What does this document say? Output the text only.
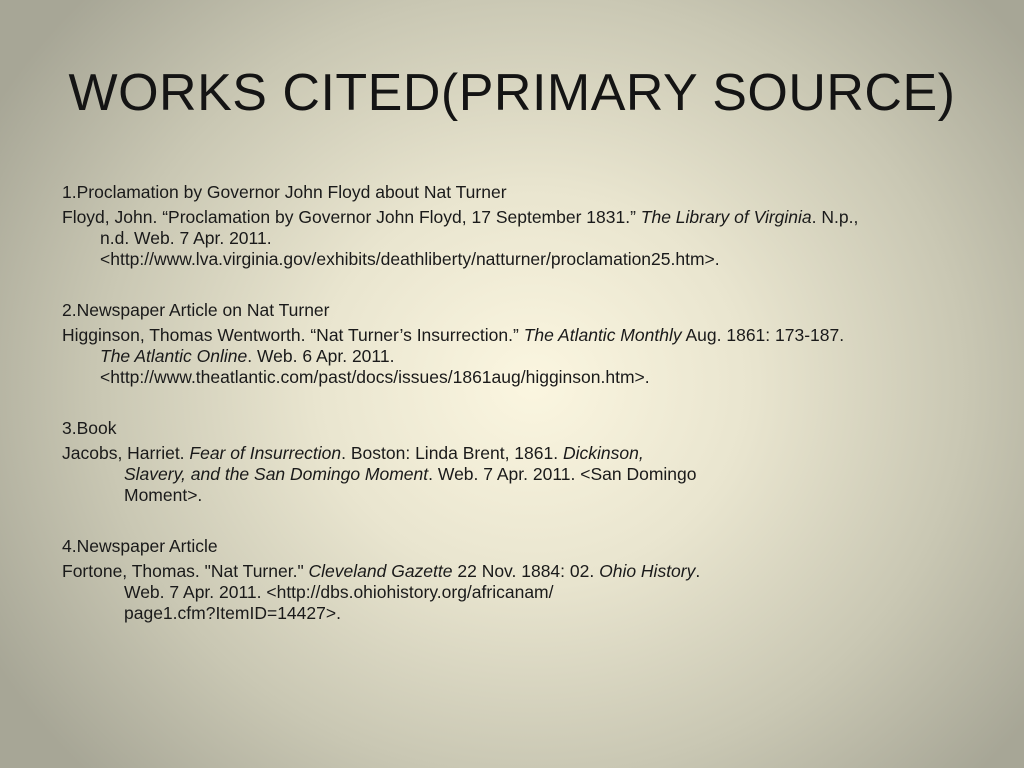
WORKS CITED(PRIMARY SOURCE)
1.Proclamation by Governor John Floyd about Nat Turner
Floyd, John. “Proclamation by Governor John Floyd, 17 September 1831.” The Library of Virginia. N.p.,
n.d. Web. 7 Apr. 2011.
<http://www.lva.virginia.gov/exhibits/deathliberty/natturner/proclamation25.htm>.
2.Newspaper Article on Nat Turner
Higginson, Thomas Wentworth. “Nat Turner’s Insurrection.” The Atlantic Monthly Aug. 1861: 173-187.
The Atlantic Online. Web. 6 Apr. 2011.
<http://www.theatlantic.com/past/docs/issues/1861aug/higginson.htm>.
3.Book
Jacobs, Harriet. Fear of Insurrection. Boston: Linda Brent, 1861. Dickinson,
Slavery, and the San Domingo Moment. Web. 7 Apr. 2011. <San Domingo
Moment>.
4.Newspaper Article
Fortone, Thomas. "Nat Turner." Cleveland Gazette 22 Nov. 1884: 02. Ohio History.
Web. 7 Apr. 2011. <http://dbs.ohiohistory.org/africanam/
page1.cfm?ItemID=14427>.
